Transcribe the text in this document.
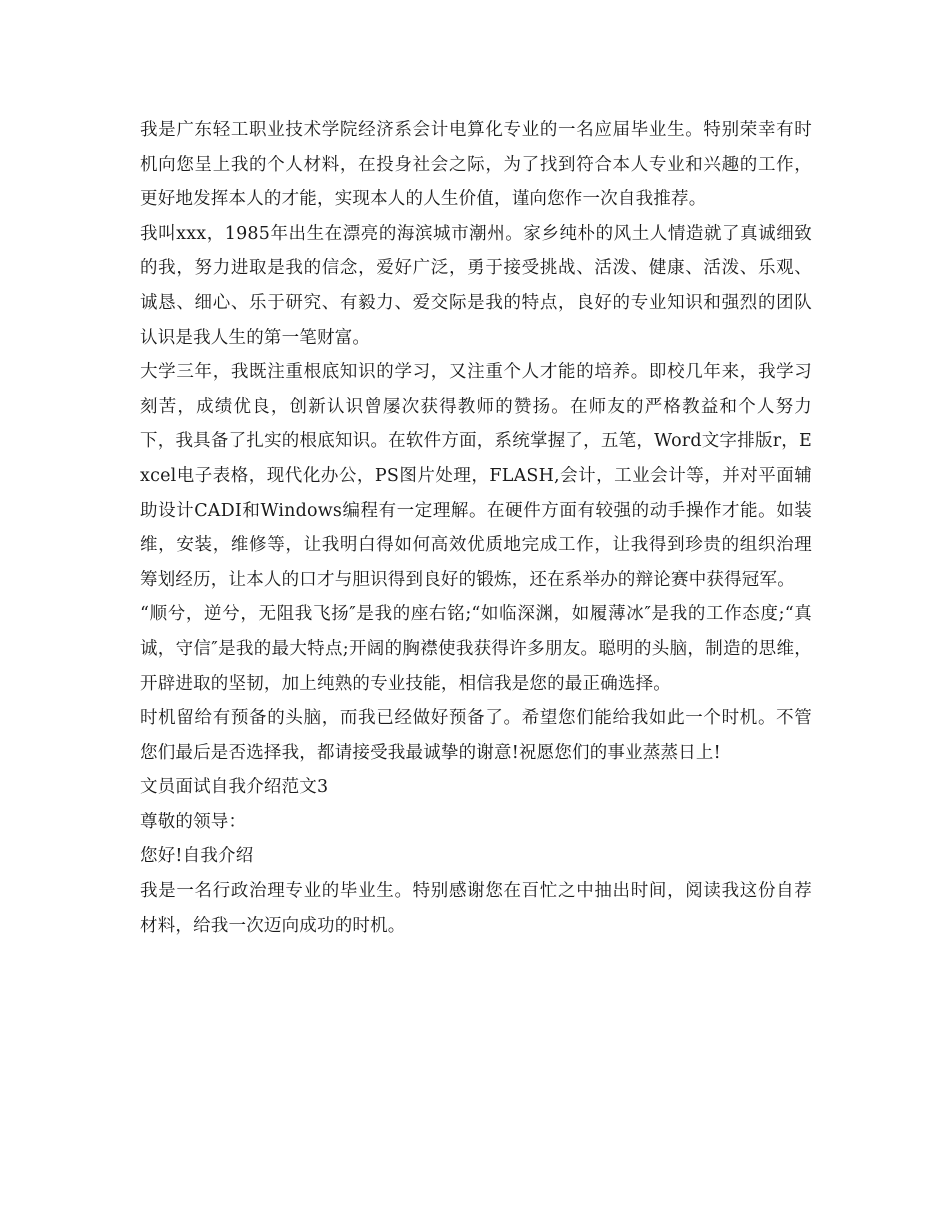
我是广东轻工职业技术学院经济系会计电算化专业的一名应届毕业生。特别荣幸有时机向您呈上我的个人材料，在投身社会之际，为了找到符合本人专业和兴趣的工作，更好地发挥本人的才能，实现本人的人生价值，谨向您作一次自我推荐。

我叫xxx，1985年出生在漂亮的海滨城市潮州。家乡纯朴的风土人情造就了真诚细致的我，努力进取是我的信念，爱好广泛，勇于接受挑战、活泼、健康、活泼、乐观、诚恳、细心、乐于研究、有毅力、爱交际是我的特点，良好的专业知识和强烈的团队认识是我人生的第一笔财富。

大学三年，我既注重根底知识的学习，又注重个人才能的培养。即校几年来，我学习刻苦，成绩优良，创新认识曾屡次获得教师的赞扬。在师友的严格教益和个人努力下，我具备了扎实的根底知识。在软件方面，系统掌握了，五笔，Word文字排版r，Excel电子表格，现代化办公，PS图片处理，FLASH,会计，工业会计等，并对平面辅助设计CADI和Windows编程有一定理解。在硬件方面有较强的动手操作才能。如装维，安装，维修等，让我明白得如何高效优质地完成工作，让我得到珍贵的组织治理筹划经历，让本人的口才与胆识得到良好的锻炼，还在系举办的辩论赛中获得冠军。

“顺兮，逆兮，无阻我飞扬″是我的座右铭;“如临深渊，如履薄冰″是我的工作态度;“真诚，守信″是我的最大特点;开阔的胸襟使我获得许多朋友。聪明的头脑，制造的思维，开辟进取的坚韧，加上纯熟的专业技能，相信我是您的最正确选择。

时机留给有预备的头脑，而我已经做好预备了。希望您们能给我如此一个时机。不管您们最后是否选择我，都请接受我最诚挚的谢意!祝愿您们的事业蒸蒸日上!

文员面试自我介绍范文3

尊敬的领导：

您好!自我介绍

我是一名行政治理专业的毕业生。特别感谢您在百忙之中抽出时间，阅读我这份自荐材料，给我一次迈向成功的时机。
